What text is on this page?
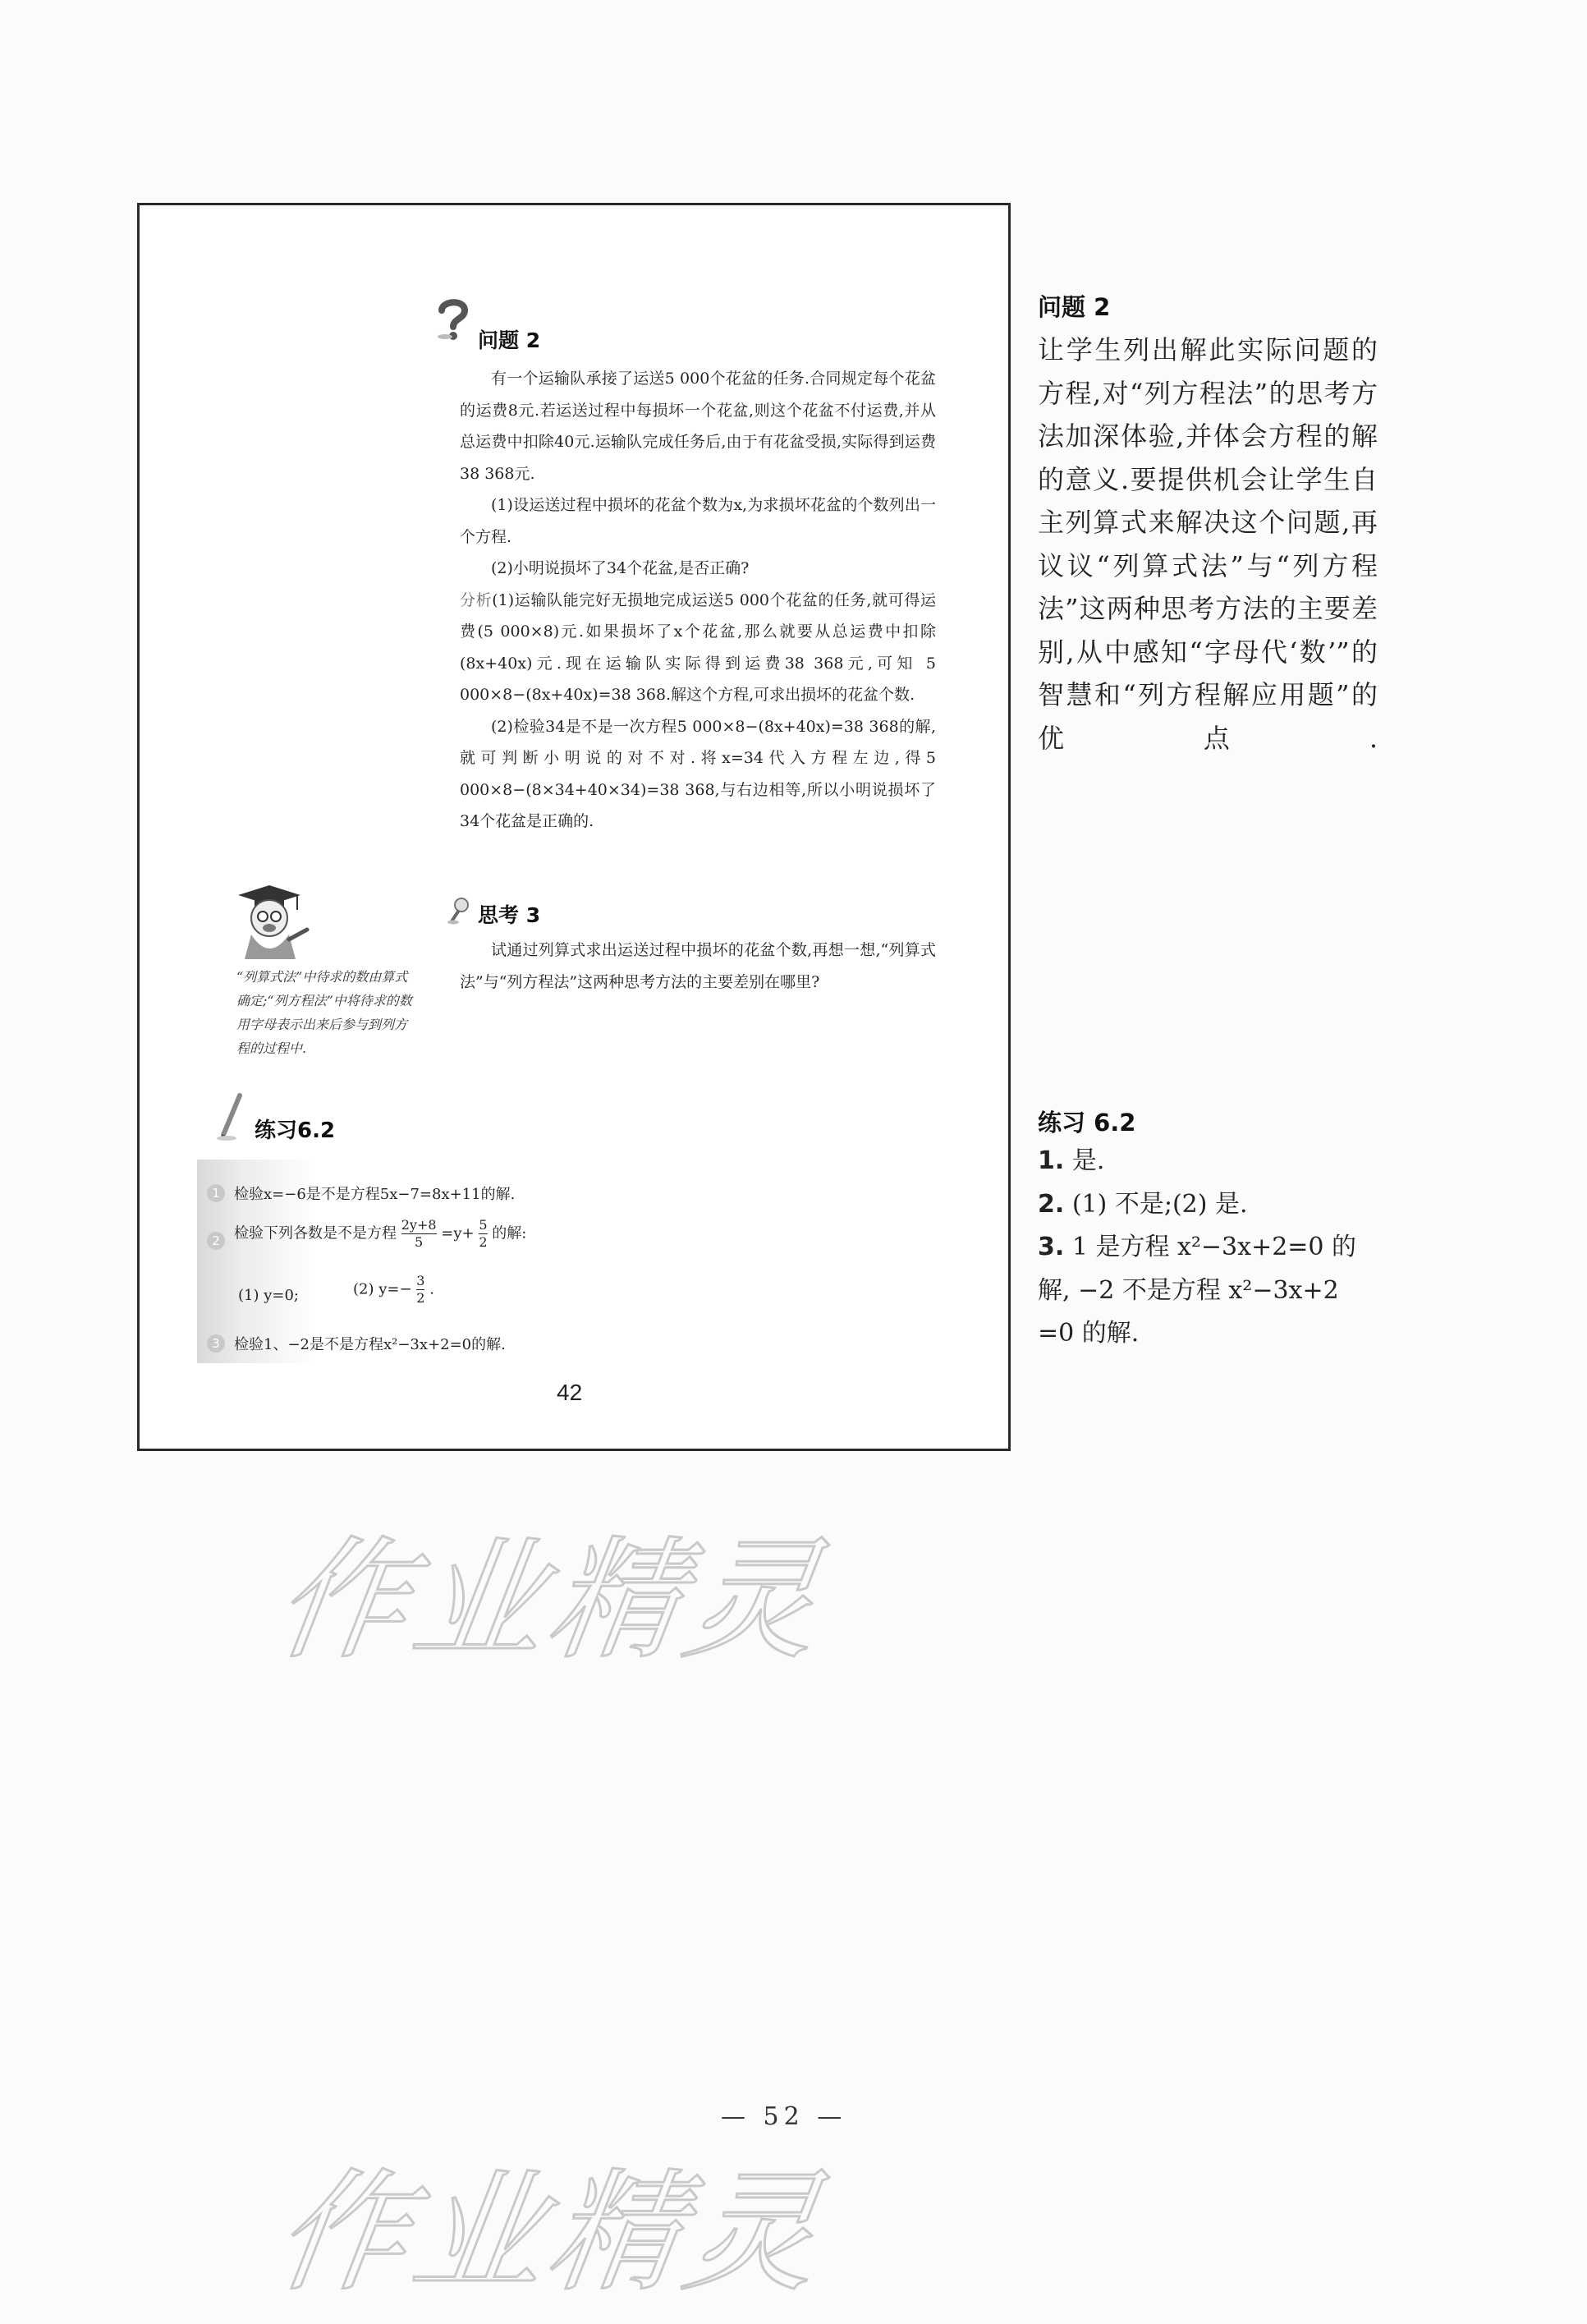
问题 2

有一个运输队承接了运送5 000个花盆的任务.合同规定每个花盆的运费8元.若运送过程中每损坏一个花盆,则这个花盆不付运费,并从总运费中扣除40元.运输队完成任务后,由于有花盆受损,实际得到运费38 368元.

(1)设运送过程中损坏的花盆个数为x,为求损坏花盆的个数列出一个方程.

(2)小明说损坏了34个花盆,是否正确?

分析(1)运输队能完好无损地完成运送5 000个花盆的任务,就可得运费(5 000×8)元.如果损坏了x个花盆,那么就要从总运费中扣除(8x+40x)元.现在运输队实际得到运费38 368元,可知 5 000×8−(8x+40x)=38 368.解这个方程,可求出损坏的花盆个数.

(2)检验34是不是一次方程5 000×8−(8x+40x)=38 368的解,就可判断小明说的对不对.将x=34代入方程左边,得5 000×8−(8×34+40×34)=38 368,与右边相等,所以小明说损坏了34个花盆是正确的.

思考 3

试通过列算式求出运送过程中损坏的花盆个数,再想一想,“列算式法”与“列方程法”这两种思考方法的主要差别在哪里?

“列算式法”中待求的数由算式确定;“列方程法”中将待求的数用字母表示出来后参与到列方程的过程中.
练习6.2
1 检验x=−6是不是方程5x−7=8x+11的解.
2 检验下列各数是不是方程 $\frac{2y+8}{5} =y+ \frac{5}{2}$ 的解:
(1) y=0;	(2) $y=- \frac{3}{2}$ .
3 检验1、−2是不是方程x²−3x+2=0的解.
42
问题 2
让学生列出解此实际问题的方程,对“列方程法”的思考方法加深体验,并体会方程的解的意义.要提供机会让学生自主列算式来解决这个问题,再议议“列算式法”与“列方程法”这两种思考方法的主要差别,从中感知“字母代‘数’”的智慧和“列方程解应用题”的优点.
练习 6.2
1. 是.
2. (1) 不是;(2) 是.
3. 1 是方程 x²−3x+2=0 的
解, −2 不是方程 x²−3x+2
=0 的解.
作业精灵
作业精灵
— 52 —
